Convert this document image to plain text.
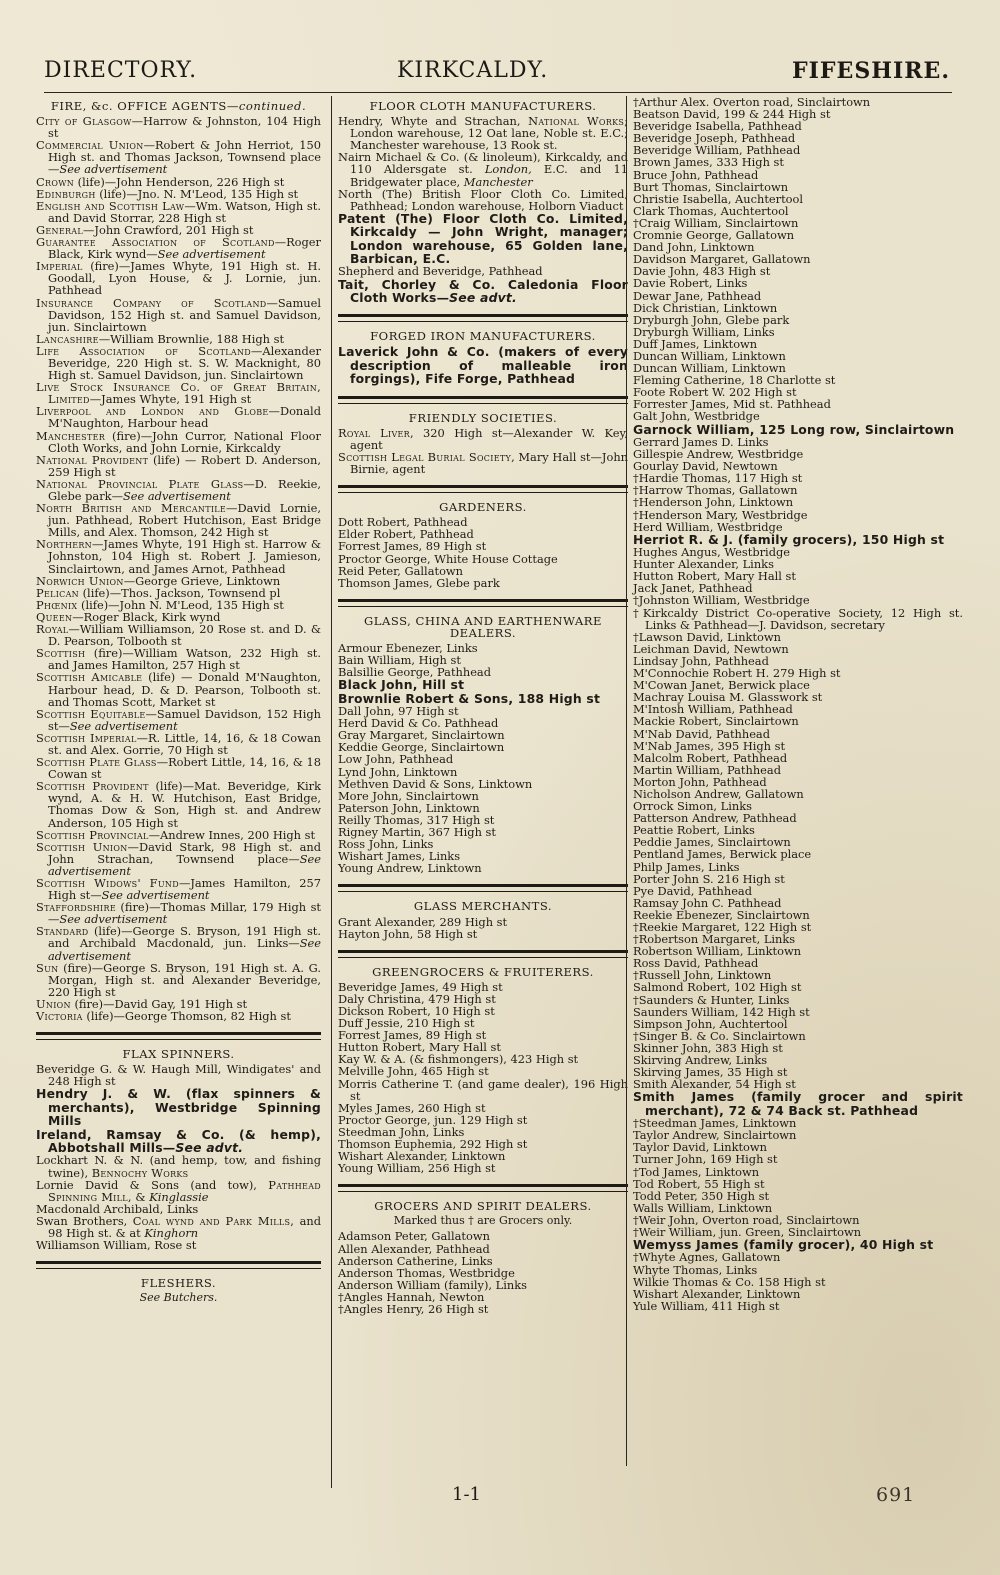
DIRECTORY.	KIRKCALDY.	FIFESHIRE.
FIRE, &c. OFFICE AGENTS—continued.
City of Glasgow—Harrow & Johnston, 104 High st
Commercial Union—Robert & John Herriot, 150 High st. and Thomas Jackson, Townsend place—See advertisement
Crown (life)—John Henderson, 226 High st
Edinburgh (life)—Jno. N. M'Leod, 135 High st
English and Scottish Law—Wm. Watson, High st. and David Storrar, 228 High st
General—John Crawford, 201 High st
Guarantee Association of Scotland—Roger Black, Kirk wynd—See advertisement
Imperial (fire)—James Whyte, 191 High st. H. Goodall, Lyon House, & J. Lornie, jun. Pathhead
Insurance Company of Scotland—Samuel Davidson, 152 High st. and Samuel Davidson, jun. Sinclairtown
Lancashire—William Brownlie, 188 High st
Life Association of Scotland—Alexander Beveridge, 220 High st. S. W. Macknight, 80 High st. Samuel Davidson, jun. Sinclairtown
Live Stock Insurance Co. of Great Britain, Limited—James Whyte, 191 High st
Liverpool and London and Globe—Donald M'Naughton, Harbour head
Manchester (fire)—John Curror, National Floor Cloth Works, and John Lornie, Kirkcaldy
National Provident (life) — Robert D. Anderson, 259 High st
National Provincial Plate Glass—D. Reekie, Glebe park—See advertisement
North British and Mercantile—David Lornie, jun. Pathhead, Robert Hutchison, East Bridge Mills, and Alex. Thomson, 242 High st
Northern—James Whyte, 191 High st. Harrow & Johnston, 104 High st. Robert J. Jamieson, Sinclairtown, and James Arnot, Pathhead
Norwich Union—George Grieve, Linktown
Pelican (life)—Thos. Jackson, Townsend pl
Phœnix (life)—John N. M'Leod, 135 High st
Queen—Roger Black, Kirk wynd
Royal—William Williamson, 20 Rose st. and D. & D. Pearson, Tolbooth st
Scottish (fire)—William Watson, 232 High st. and James Hamilton, 257 High st
Scottish Amicable (life) — Donald M'Naughton, Harbour head, D. & D. Pearson, Tolbooth st. and Thomas Scott, Market st
Scottish Equitable—Samuel Davidson, 152 High st—See advertisement
Scottish Imperial—R. Little, 14, 16, & 18 Cowan st. and Alex. Gorrie, 70 High st
Scottish Plate Glass—Robert Little, 14, 16, & 18 Cowan st
Scottish Provident (life)—Mat. Beveridge, Kirk wynd, A. & H. W. Hutchison, East Bridge, Thomas Dow & Son, High st. and Andrew Anderson, 105 High st
Scottish Provincial—Andrew Innes, 200 High st
Scottish Union—David Stark, 98 High st. and John Strachan, Townsend place—See advertisement
Scottish Widows' Fund—James Hamilton, 257 High st—See advertisement
Staffordshire (fire)—Thomas Millar, 179 High st—See advertisement
Standard (life)—George S. Bryson, 191 High st. and Archibald Macdonald, jun. Links—See advertisement
Sun (fire)—George S. Bryson, 191 High st. A. G. Morgan, High st. and Alexander Beveridge, 220 High st
Union (fire)—David Gay, 191 High st
Victoria (life)—George Thomson, 82 High st
FLAX SPINNERS.
Beveridge G. & W. Haugh Mill, Windigates' and 248 High st
Hendry J. & W. (flax spinners & merchants), Westbridge Spinning Mills
Ireland, Ramsay & Co. (& hemp), Abbotshall Mills—See advt.
Lockhart N. & N. (and hemp, tow, and fishing twine), Bennochy Works
Lornie David & Sons (and tow), Pathhead Spinning Mill, & Kinglassie
Macdonald Archibald, Links
Swan Brothers, Coal wynd and Park Mills, and 98 High st. & at Kinghorn
Williamson William, Rose st
FLESHERS.
See Butchers.
FLOOR CLOTH MANUFACTURERS.
Hendry, Whyte and Strachan, National Works; London warehouse, 12 Oat lane, Noble st. E.C.; Manchester warehouse, 13 Rook st.
Nairn Michael & Co. (& linoleum), Kirkcaldy, and 110 Aldersgate st. London, E.C. and 11 Bridgewater place, Manchester
North (The) British Floor Cloth Co. Limited, Pathhead; London warehouse, Holborn Viaduct
Patent (The) Floor Cloth Co. Limited, Kirkcaldy — John Wright, manager; London warehouse, 65 Golden lane, Barbican, E.C.
Shepherd and Beveridge, Pathhead
Tait, Chorley & Co. Caledonia Floor Cloth Works—See advt.
FORGED IRON MANUFACTURERS.
Laverick John & Co. (makers of every description of malleable iron forgings), Fife Forge, Pathhead
FRIENDLY SOCIETIES.
Royal Liver, 320 High st—Alexander W. Key, agent
Scottish Legal Burial Society, Mary Hall st—John Birnie, agent
GARDENERS.
Dott Robert, Pathhead
Elder Robert, Pathhead
Forrest James, 89 High st
Proctor George, White House Cottage
Reid Peter, Gallatown
Thomson James, Glebe park
GLASS, CHINA AND EARTHENWARE DEALERS.
Armour Ebenezer, Links
Bain William, High st
Balsillie George, Pathhead
Black John, Hill st
Brownlie Robert & Sons, 188 High st
Dall John, 97 High st
Herd David & Co. Pathhead
Gray Margaret, Sinclairtown
Keddie George, Sinclairtown
Low John, Pathhead
Lynd John, Linktown
Methven David & Sons, Linktown
More John, Sinclairtown
Paterson John, Linktown
Reilly Thomas, 317 High st
Rigney Martin, 367 High st
Ross John, Links
Wishart James, Links
Young Andrew, Linktown
GLASS MERCHANTS.
Grant Alexander, 289 High st
Hayton John, 58 High st
GREENGROCERS & FRUITERERS.
Beveridge James, 49 High st
Daly Christina, 479 High st
Dickson Robert, 10 High st
Duff Jessie, 210 High st
Forrest James, 89 High st
Hutton Robert, Mary Hall st
Kay W. & A. (& fishmongers), 423 High st
Melville John, 465 High st
Morris Catherine T. (and game dealer), 196 High st
Myles James, 260 High st
Proctor George, jun. 129 High st
Steedman John, Links
Thomson Euphemia, 292 High st
Wishart Alexander, Linktown
Young William, 256 High st
GROCERS AND SPIRIT DEALERS.
Marked thus † are Grocers only.
Adamson Peter, Gallatown
Allen Alexander, Pathhead
Anderson Catherine, Links
Anderson Thomas, Westbridge
Anderson William (family), Links
†Angles Hannah, Newton
†Angles Henry, 26 High st
†Arthur Alex. Overton road, Sinclairtown
Beatson David, 199 & 244 High st
Beveridge Isabella, Pathhead
Beveridge Joseph, Pathhead
Beveridge William, Pathhead
Brown James, 333 High st
Bruce John, Pathhead
Burt Thomas, Sinclairtown
Christie Isabella, Auchtertool
Clark Thomas, Auchtertool
†Craig William, Sinclairtown
Cromnie George, Gallatown
Dand John, Linktown
Davidson Margaret, Gallatown
Davie John, 483 High st
Davie Robert, Links
Dewar Jane, Pathhead
Dick Christian, Linktown
Dryburgh John, Glebe park
Dryburgh William, Links
Duff James, Linktown
Duncan William, Linktown
Duncan William, Linktown
Fleming Catherine, 18 Charlotte st
Foote Robert W. 202 High st
Forrester James, Mid st. Pathhead
Galt John, Westbridge
Garnock William, 125 Long row, Sinclairtown
Gerrard James D. Links
Gillespie Andrew, Westbridge
Gourlay David, Newtown
†Hardie Thomas, 117 High st
†Harrow Thomas, Gallatown
†Henderson John, Linktown
†Henderson Mary, Westbridge
Herd William, Westbridge
Herriot R. & J. (family grocers), 150 High st
Hughes Angus, Westbridge
Hunter Alexander, Links
Hutton Robert, Mary Hall st
Jack Janet, Pathhead
†Johnston William, Westbridge
†Kirkcaldy District Co-operative Society, 12 High st. Links & Pathhead—J. Davidson, secretary
†Lawson David, Linktown
Leichman David, Newtown
Lindsay John, Pathhead
M'Connochie Robert H. 279 High st
M'Cowan Janet, Berwick place
Machray Louisa M. Glasswork st
M'Intosh William, Pathhead
Mackie Robert, Sinclairtown
M'Nab David, Pathhead
M'Nab James, 395 High st
Malcolm Robert, Pathhead
Martin William, Pathhead
Morton John, Pathhead
Nicholson Andrew, Gallatown
Orrock Simon, Links
Patterson Andrew, Pathhead
Peattie Robert, Links
Peddie James, Sinclairtown
Pentland James, Berwick place
Philp James, Links
Porter John S. 216 High st
Pye David, Pathhead
Ramsay John C. Pathhead
Reekie Ebenezer, Sinclairtown
†Reekie Margaret, 122 High st
†Robertson Margaret, Links
Robertson William, Linktown
Ross David, Pathhead
†Russell John, Linktown
Salmond Robert, 102 High st
†Saunders & Hunter, Links
Saunders William, 142 High st
Simpson John, Auchtertool
†Singer B. & Co. Sinclairtown
Skinner John, 383 High st
Skirving Andrew, Links
Skirving James, 35 High st
Smith Alexander, 54 High st
Smith James (family grocer and spirit merchant), 72 & 74 Back st. Pathhead
†Steedman James, Linktown
Taylor Andrew, Sinclairtown
Taylor David, Linktown
Turner John, 169 High st
†Tod James, Linktown
Tod Robert, 55 High st
Todd Peter, 350 High st
Walls William, Linktown
†Weir John, Overton road, Sinclairtown
†Weir William, jun. Green, Sinclairtown
Wemyss James (family grocer), 40 High st
†Whyte Agnes, Gallatown
Whyte Thomas, Links
Wilkie Thomas & Co. 158 High st
Wishart Alexander, Linktown
Yule William, 411 High st
1-1	691
